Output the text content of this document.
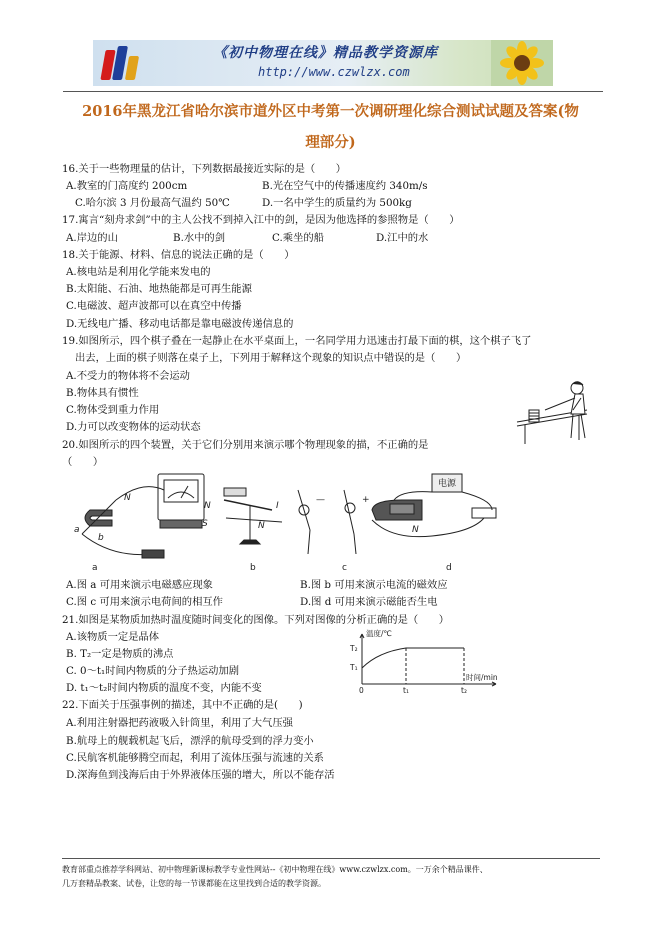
《初中物理在线》精品教学资源库
http://www.czwlzx.com
2016年黑龙江省哈尔滨市道外区中考第一次调研理化综合测试试题及答案(物
理部分)
16.关于一些物理量的估计，下列数据最接近实际的是（　　）
A.教室的门高度约 200cm	B.光在空气中的传播速度约 340m/s
C.哈尔滨 3 月份最高气温约 50℃	D.一名中学生的质量约为 500kg
17.寓言“刻舟求剑”中的主人公找不到掉入江中的剑，是因为他选择的参照物是（　　）
A.岸边的山	B.水中的剑	C.乘坐的船	D.江中的水
18.关于能源、材料、信息的说法正确的是（　　）
A.核电站是利用化学能来发电的
B.太阳能、石油、地热能都是可再生能源
C.电磁波、超声波都可以在真空中传播
D.无线电广播、移动电话都是靠电磁波传递信息的
19.如图所示，四个棋子叠在一起静止在水平桌面上，一名同学用力迅速击打最下面的棋，这个棋子飞了
出去，上面的棋子则落在桌子上，下列用于解释这个现象的知识点中错误的是（　　）
A.不受力的物体将不会运动
B.物体具有惯性
C.物体受到重力作用
D.力可以改变物体的运动状态
20.如图所示的四个装置，关于它们分别用来演示哪个物理现象的描，不正确的是
（　　）
N
a
b
N
S
I
N
—	+
N
电源
a	b	c	d
A.图 a 可用来演示电磁感应现象	B.图 b 可用来演示电流的磁效应
C.图 c 可用来演示电荷间的相互作	D.图 d 可用来演示磁能否生电
21.如图是某物质加热时温度随时间变化的图像。下列对图像的分析正确的是（　　）
A.该物质一定是晶体
B. T₂一定是物质的沸点
C. 0～t₁时间内物质的分子热运动加剧
D. t₁～t₂时间内物质的温度不变，内能不变
温度/℃
时间/min
T₂
T₁
0	t₁	t₂
22.下面关于压强事例的描述，其中不正确的是(　　)
A.利用注射器把药液吸入针筒里，利用了大气压强
B.航母上的舰载机起飞后，漂浮的航母受到的浮力变小
C.民航客机能够腾空而起，利用了流体压强与流速的关系
D.深海鱼到浅海后由于外界液体压强的增大，所以不能存活
教育部重点推荐学科网站、初中物理新课标教学专业性网站--《初中物理在线》www.czwlzx.com。一万余个精品课件、
几万套精品教案、试卷，让您的每一节课都能在这里找到合适的教学资源。
